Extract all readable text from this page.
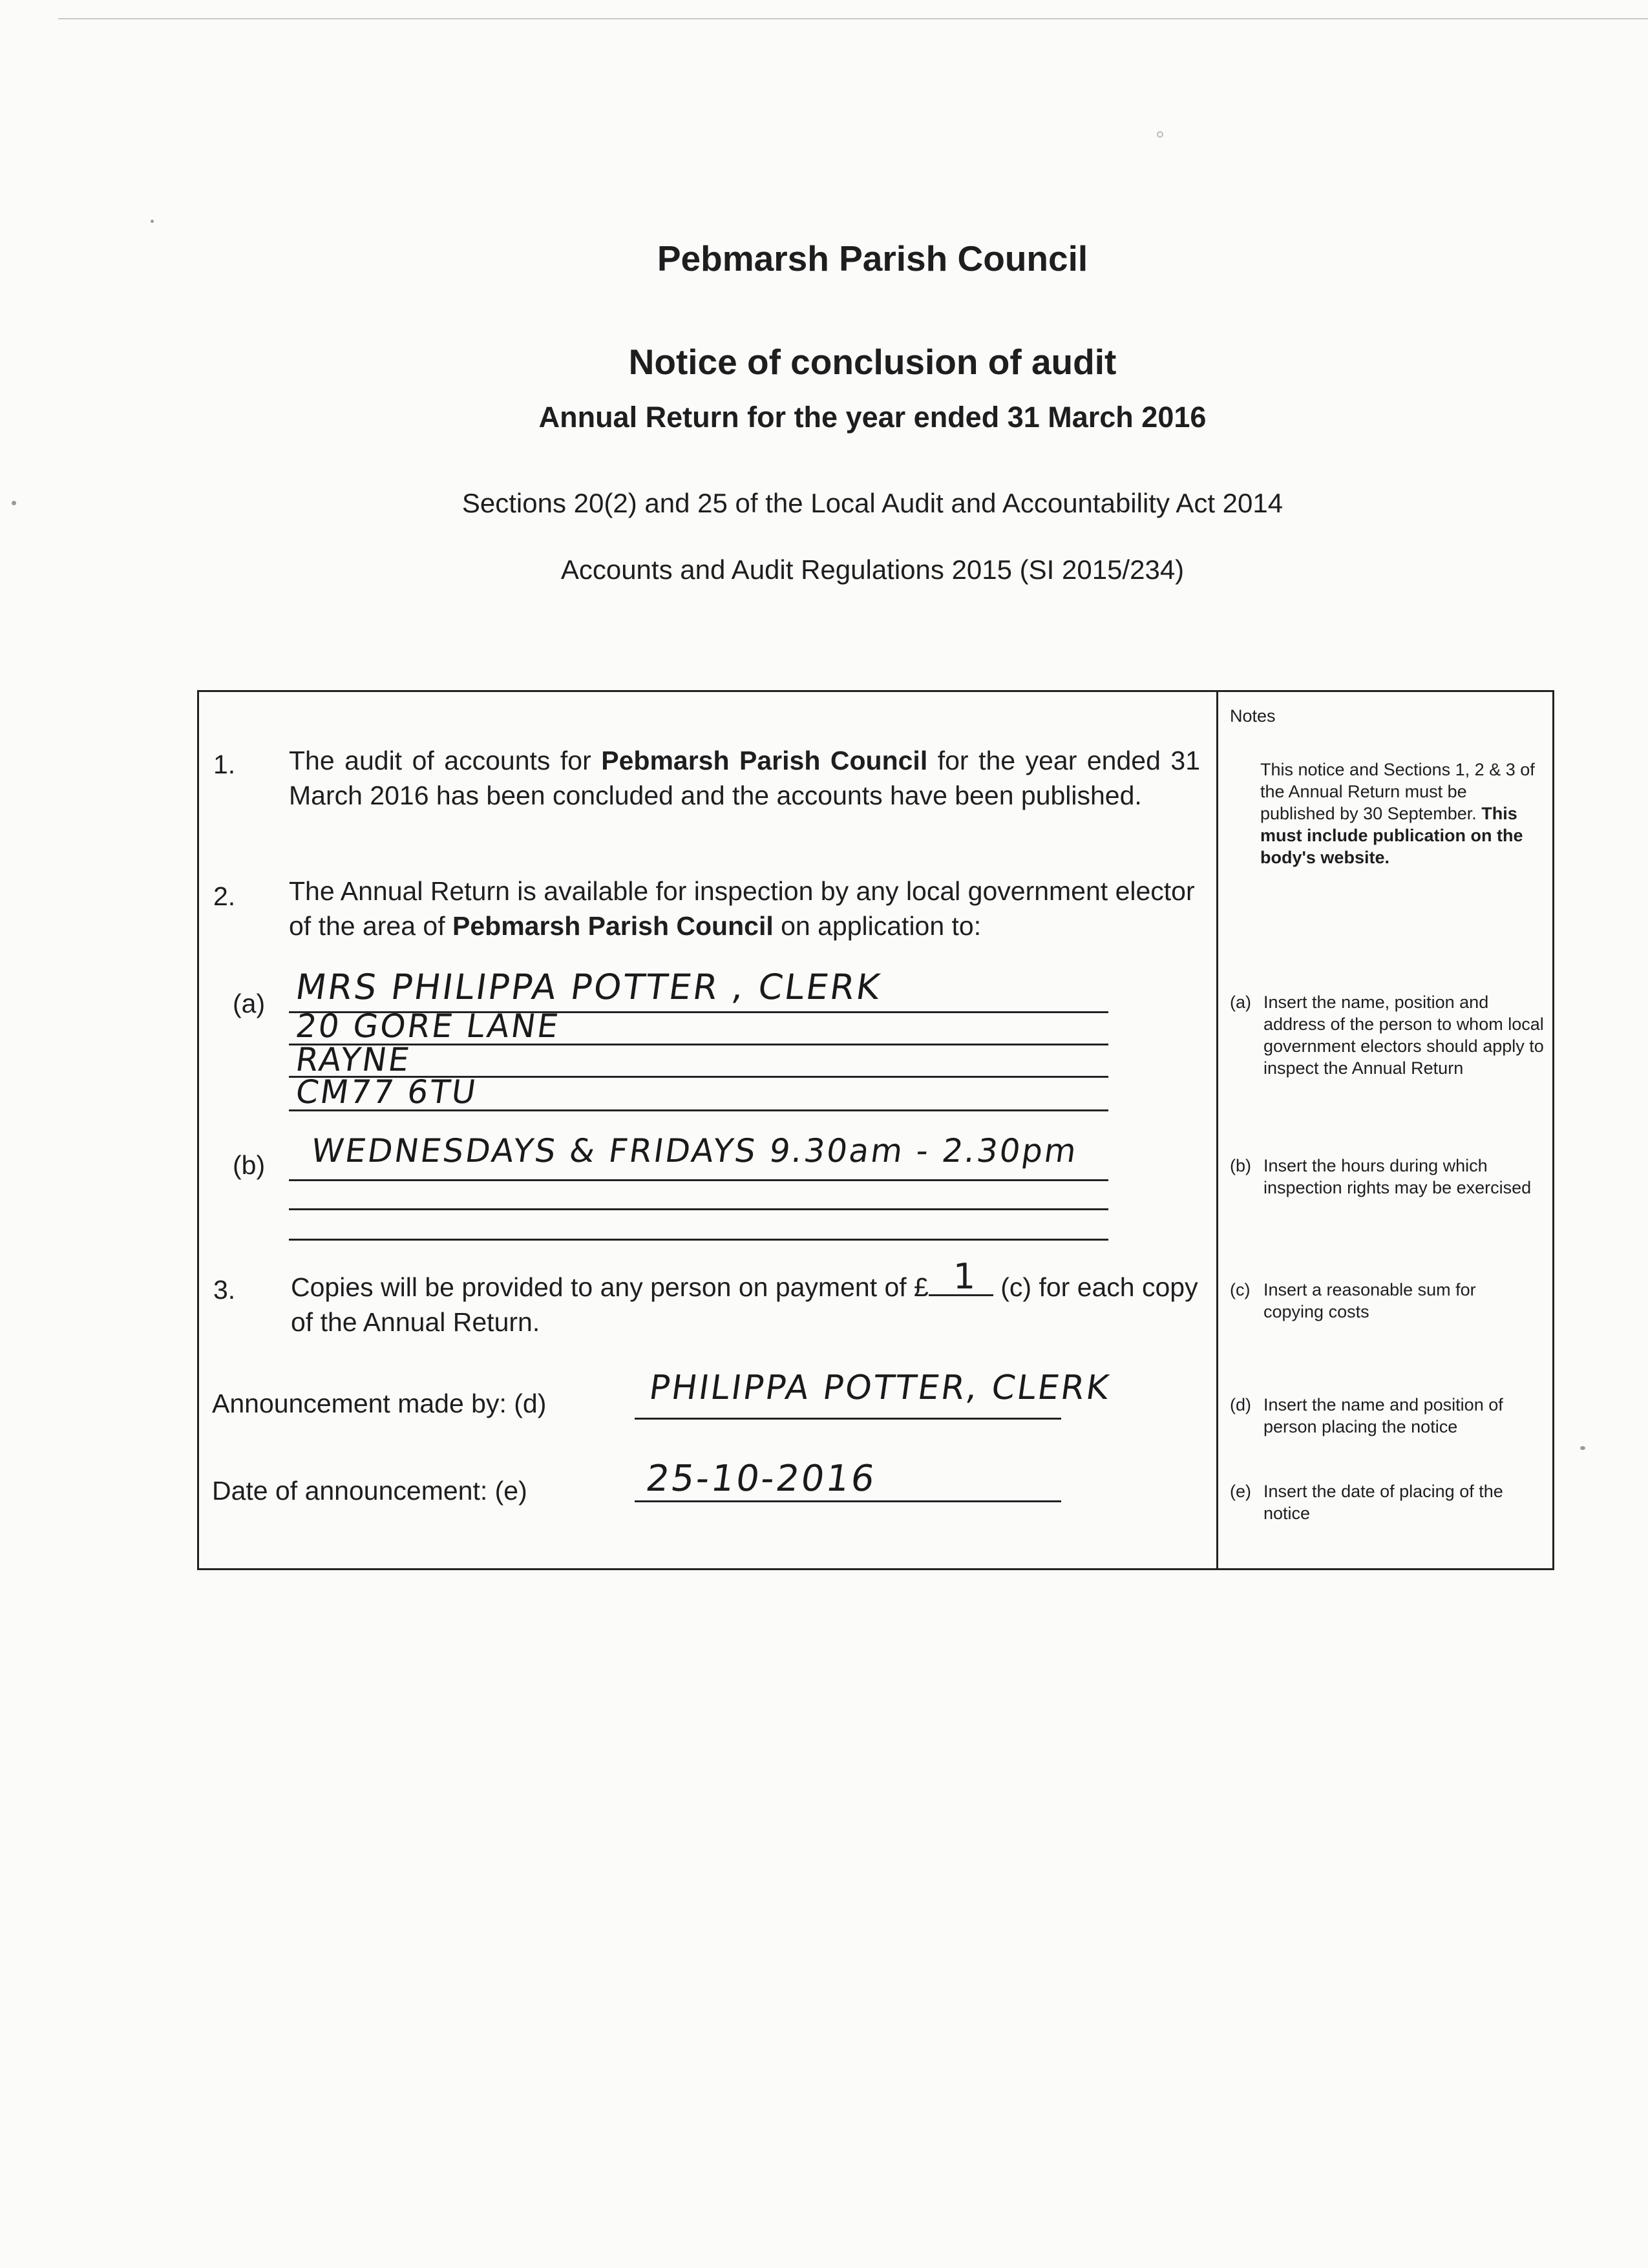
Pebmarsh Parish Council
Notice of conclusion of audit
Annual Return for the year ended 31 March 2016
Sections 20(2) and 25 of the Local Audit and Accountability Act 2014
Accounts and Audit Regulations 2015 (SI 2015/234)
1. The audit of accounts for Pebmarsh Parish Council for the year ended 31 March 2016 has been concluded and the accounts have been published.
2. The Annual Return is available for inspection by any local government elector of the area of Pebmarsh Parish Council on application to:
(a) MRS PHILIPPA POTTER , CLERK
20 GORE LANE
RAYNE
CM77 6TU
(b) WEDNESDAYS & FRIDAYS 9.30am - 2.30pm
3. Copies will be provided to any person on payment of £ 1 (c) for each copy of the Annual Return.
Announcement made by: (d)	PHILIPPA POTTER, CLERK
Date of announcement: (e)	25-10-2016
Notes
This notice and Sections 1, 2 & 3 of the Annual Return must be published by 30 September. This must include publication on the body's website.
(a) Insert the name, position and address of the person to whom local government electors should apply to inspect the Annual Return
(b) Insert the hours during which inspection rights may be exercised
(c) Insert a reasonable sum for copying costs
(d) Insert the name and position of person placing the notice
(e) Insert the date of placing of the notice
